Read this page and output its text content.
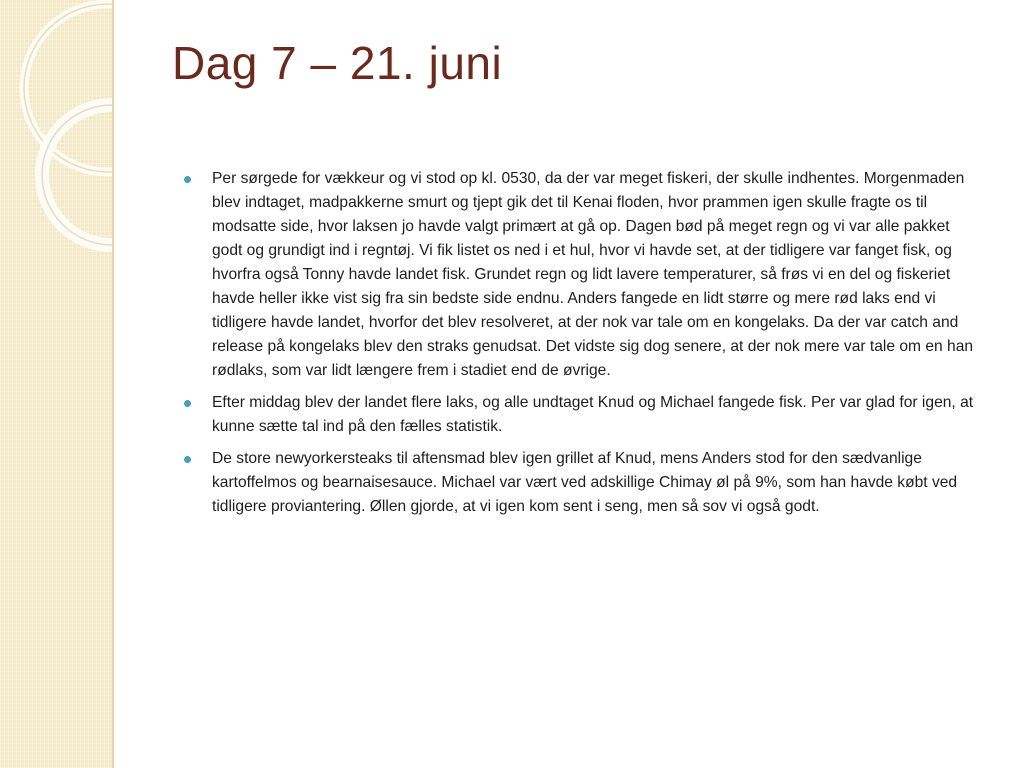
Dag 7 – 21. juni
Per sørgede for vækkeur og vi stod op kl. 0530, da der var meget fiskeri, der skulle indhentes. Morgenmaden blev indtaget, madpakkerne smurt og tjept gik det til Kenai floden, hvor prammen igen skulle fragte os til modsatte side, hvor laksen jo havde valgt primært at gå op. Dagen bød på meget regn og vi var alle pakket godt og grundigt ind i regntøj. Vi fik listet os ned i et hul, hvor vi havde set, at der tidligere var fanget fisk, og hvorfra også Tonny havde landet fisk. Grundet regn og lidt lavere temperaturer, så frøs vi en del og fiskeriet havde heller ikke vist sig fra sin bedste side endnu. Anders fangede en lidt større og mere rød laks end vi tidligere havde landet, hvorfor det blev resolveret, at der nok var tale om en kongelaks. Da der var catch and release på kongelaks blev den straks genudsat. Det vidste sig dog senere, at der nok mere var tale om en han rødlaks, som var lidt længere frem i stadiet end de øvrige.
Efter middag blev der landet flere laks, og alle undtaget Knud og Michael fangede fisk. Per var glad for igen, at kunne sætte tal ind på den fælles statistik.
De store newyorkersteaks til aftensmad blev igen grillet af Knud, mens Anders stod for den sædvanlige kartoffelmos og bearnaisesauce. Michael var vært ved adskillige Chimay øl på 9%, som han havde købt ved tidligere proviantering. Øllen gjorde, at vi igen kom sent i seng, men så sov vi også godt.
